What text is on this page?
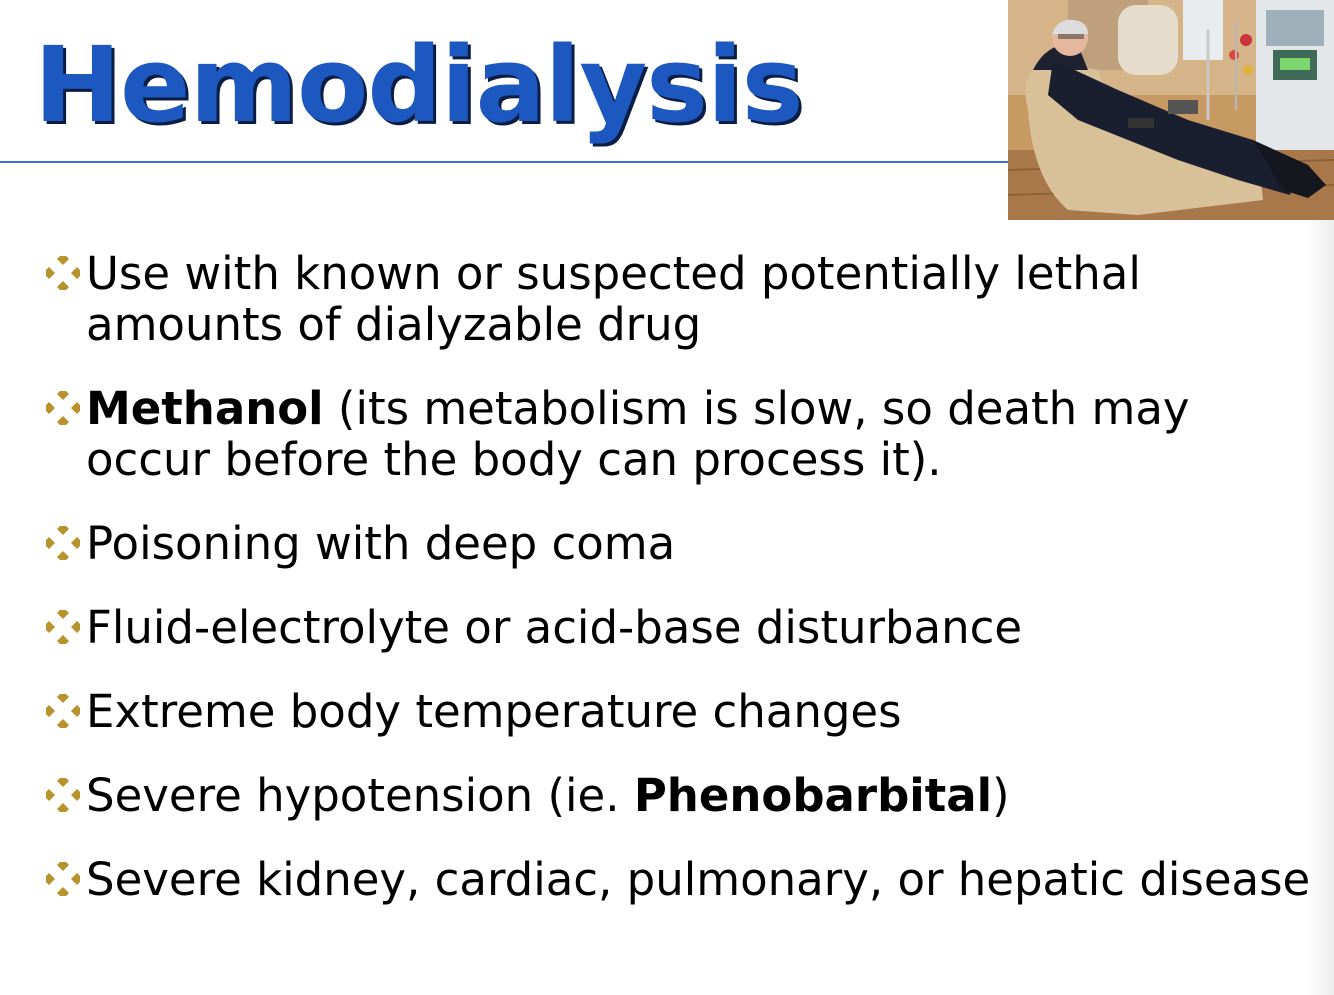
Hemodialysis
Use with known or suspected potentially lethal amounts of dialyzable drug
Methanol (its metabolism is slow, so death may occur before the body can process it).
Poisoning with deep coma
Fluid-electrolyte or acid-base disturbance
Extreme body temperature changes
Severe hypotension (ie. Phenobarbital)
Severe kidney, cardiac, pulmonary, or hepatic disease
